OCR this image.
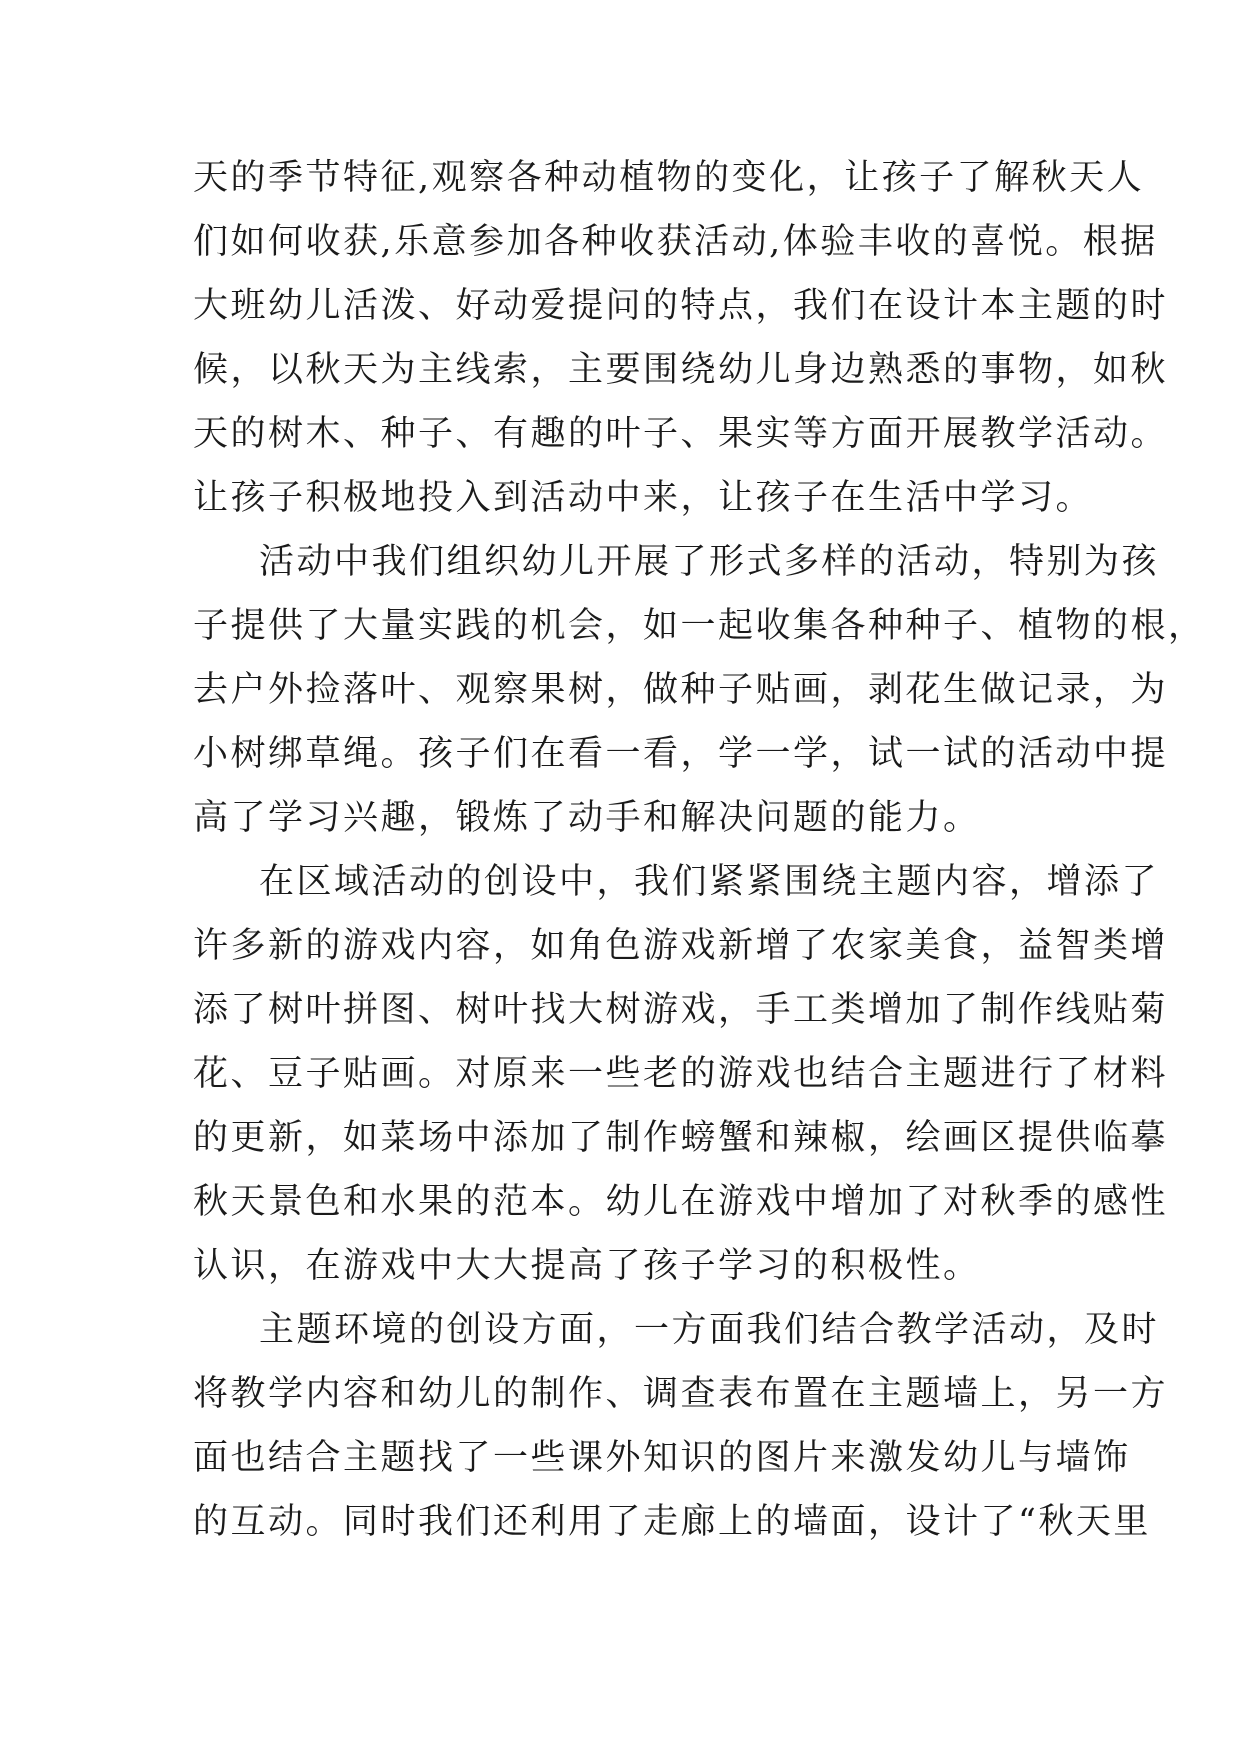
天的季节特征,观察各种动植物的变化，让孩子了解秋天人
们如何收获,乐意参加各种收获活动,体验丰收的喜悦。根据
大班幼儿活泼、好动爱提问的特点，我们在设计本主题的时
候，以秋天为主线索，主要围绕幼儿身边熟悉的事物，如秋
天的树木、种子、有趣的叶子、果实等方面开展教学活动。
让孩子积极地投入到活动中来，让孩子在生活中学习。
活动中我们组织幼儿开展了形式多样的活动，特别为孩
子提供了大量实践的机会，如一起收集各种种子、植物的根，
去户外捡落叶、观察果树，做种子贴画，剥花生做记录，为
小树绑草绳。孩子们在看一看，学一学，试一试的活动中提
高了学习兴趣，锻炼了动手和解决问题的能力。
在区域活动的创设中，我们紧紧围绕主题内容，增添了
许多新的游戏内容，如角色游戏新增了农家美食，益智类增
添了树叶拼图、树叶找大树游戏，手工类增加了制作线贴菊
花、豆子贴画。对原来一些老的游戏也结合主题进行了材料
的更新，如菜场中添加了制作螃蟹和辣椒，绘画区提供临摹
秋天景色和水果的范本。幼儿在游戏中增加了对秋季的感性
认识，在游戏中大大提高了孩子学习的积极性。
主题环境的创设方面，一方面我们结合教学活动，及时
将教学内容和幼儿的制作、调查表布置在主题墙上，另一方
面也结合主题找了一些课外知识的图片来激发幼儿与墙饰
的互动。同时我们还利用了走廊上的墙面，设计了“秋天里
